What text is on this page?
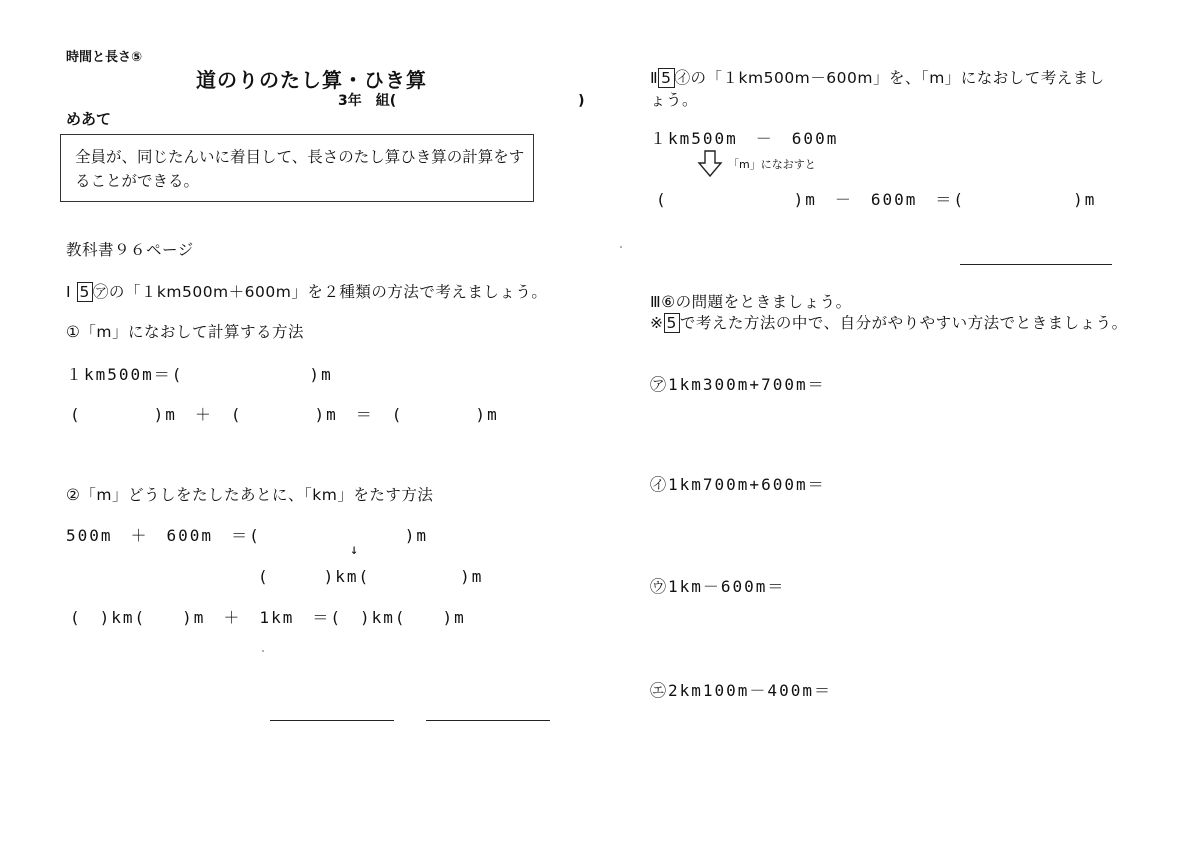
時間と長さ⑤
道のりのたし算・ひき算
3年　組(　　　　　　　　　　　　　)
めあて
全員が、同じたんいに着目して、長さのたし算ひき算の計算をすることができる。
教科書９６ページ
Ⅰ 5 ㋐の「１km500m＋600m」を２種類の方法で考えましょう。
①「m」になおして計算する方法
１km500m＝(　　　　　　　)m
(　　　　)m　＋　(　　　　)m　＝　(　　　　)m
②「m」どうしをたしたあとに、「km」をたす方法
500m　＋　600m　＝(　　　　　　　　)m
↓
(　　　)km(　　　　　)m
(　)km(　　)m　＋　1km　＝(　)km(　　)m
Ⅱ 5 ㋑の「１km500m－600m」を、「m」になおして考えまし
ょう。
１km500m　－　600m
「m」になおすと
(　　　　　　　)m　－　600m　＝(　　　　　　)m
Ⅲ⑥の問題をときましょう。
※ 5 で考えた方法の中で、自分がやりやすい方法でときましょう。
㋐1km300m+700m＝
㋑1km700m+600m＝
㋒1km－600m＝
㋓2km100m－400m＝
